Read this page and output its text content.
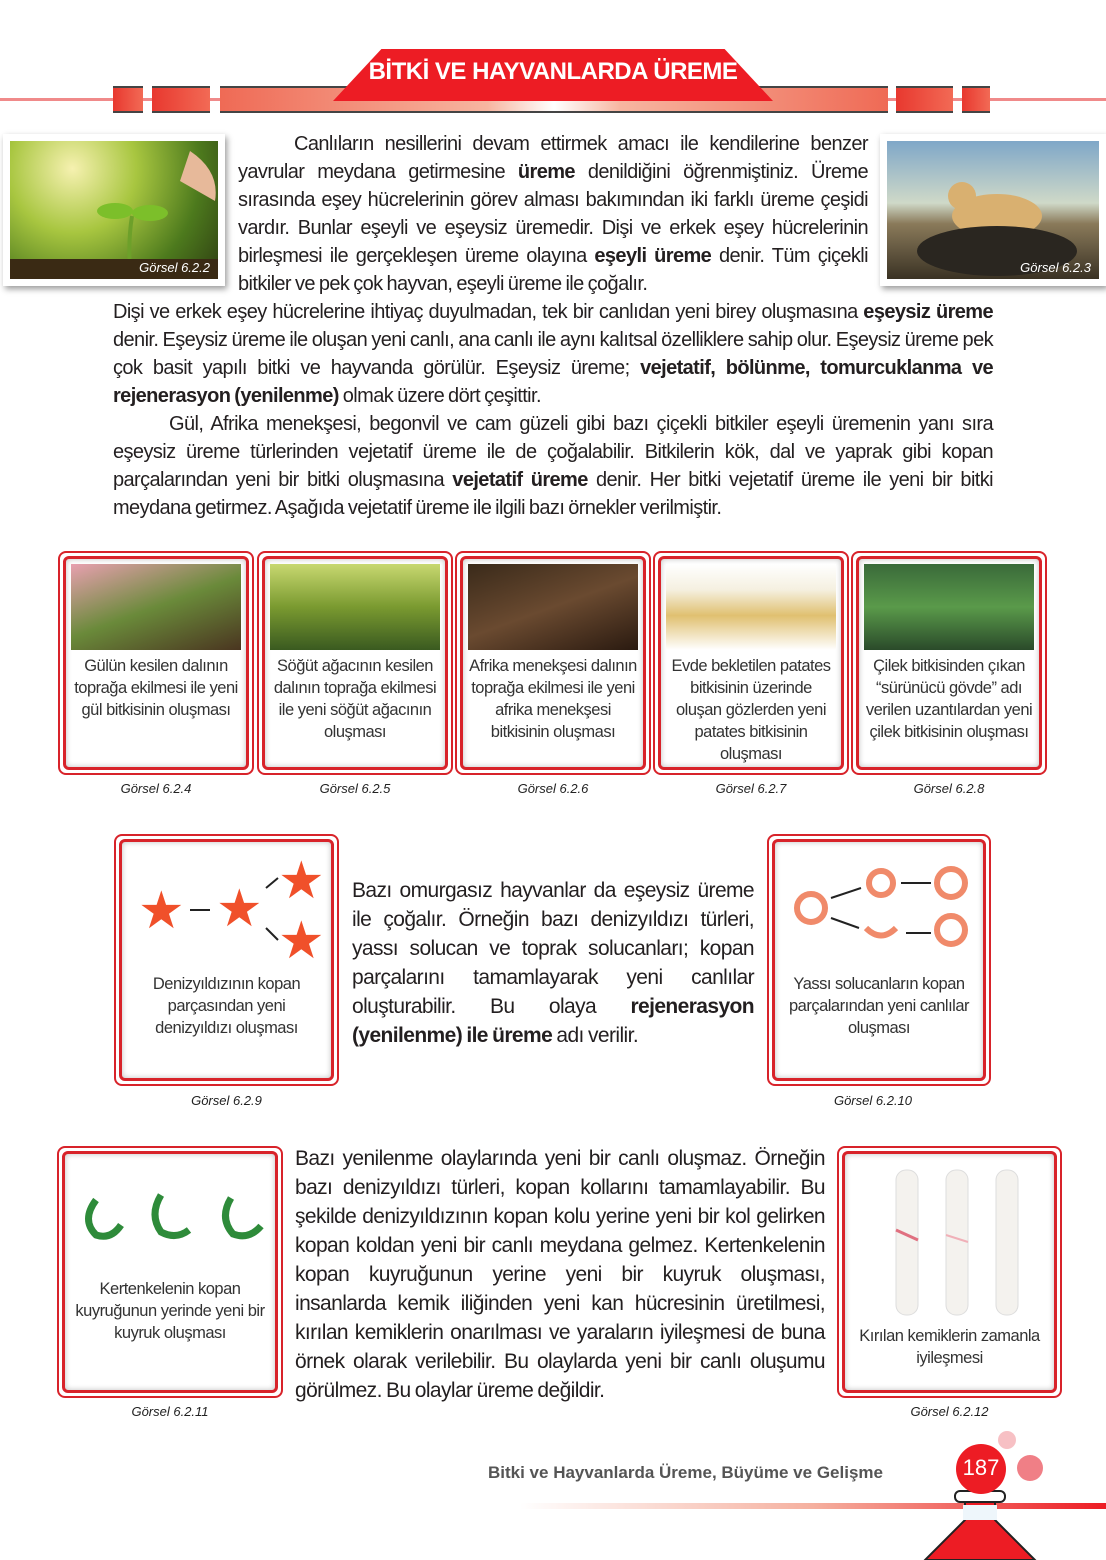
BİTKİ VE HAYVANLARDA ÜREME
Görsel 6.2.2	Görsel 6.2.3
Canlıların nesillerini devam ettirmek amacı ile kendilerine benzer yavrular meydana getirmesine üreme denildiğini öğrenmiştiniz. Üreme sırasında eşey hücrelerinin görev alması bakımından iki farklı üreme çeşidi vardır. Bunlar eşeyli ve eşeysiz üremedir. Dişi ve erkek eşey hücrelerinin birleşmesi ile gerçekleşen üreme olayına eşeyli üreme denir. Tüm çiçekli bitkiler ve pek çok hayvan, eşeyli üreme ile çoğalır.
Dişi ve erkek eşey hücrelerine ihtiyaç duyulmadan, tek bir canlıdan yeni birey oluşmasına eşeysiz üreme denir. Eşeysiz üreme ile oluşan yeni canlı, ana canlı ile aynı kalıtsal özelliklere sahip olur. Eşeysiz üreme pek çok basit yapılı bitki ve hayvanda görülür. Eşeysiz üreme; vejetatif, bölünme, tomurcuklanma ve rejenerasyon (yenilenme) olmak üzere dört çeşittir.
Gül, Afrika menekşesi, begonvil ve cam güzeli gibi bazı çiçekli bitkiler eşeyli üremenin yanı sıra eşeysiz üreme türlerinden vejetatif üreme ile de çoğalabilir. Bitkilerin kök, dal ve yaprak gibi kopan parçalarından yeni bir bitki oluşmasına vejetatif üreme denir. Her bitki vejetatif üreme ile yeni bir bitki meydana getirmez. Aşağıda vejetatif üreme ile ilgili bazı örnekler verilmiştir.
Gülün kesilen dalının toprağa ekilmesi ile yeni gül bitkisinin oluşması
Görsel 6.2.4
Söğüt ağacının kesilen dalının toprağa ekilmesi ile yeni söğüt ağacının oluşması
Görsel 6.2.5
Afrika menekşesi dalının toprağa ekilmesi ile yeni afrika menekşesi bitkisinin oluşması
Görsel 6.2.6
Evde bekletilen patates bitkisinin üzerinde oluşan gözlerden yeni patates bitkisinin oluşması
Görsel 6.2.7
Çilek bitkisinden çıkan “sürünücü gövde” adı verilen uzantılardan yeni çilek bitkisinin oluşması
Görsel 6.2.8
★ ★ ★
★
Denizyıldızının kopan parçasından yeni denizyıldızı oluşması
Görsel 6.2.9
Bazı omurgasız hayvanlar da eşeysiz üreme ile çoğalır. Örneğin bazı denizyıldızı türleri, yassı solucan ve toprak solucanları; kopan parçalarını tamamlayarak yeni canlılar oluşturabilir. Bu olaya rejenerasyon (yenilenme) ile üreme adı verilir.
Yassı solucanların kopan parçalarından yeni canlılar oluşması
Görsel 6.2.10
Kertenkelenin kopan kuyruğunun yerinde yeni bir kuyruk oluşması
Görsel 6.2.11
Bazı yenilenme olaylarında yeni bir canlı oluşmaz. Örneğin bazı denizyıldızı türleri, kopan kollarını tamamlayabilir. Bu şekilde denizyıldızının kopan kolu yerine yeni bir kol gelirken kopan koldan yeni bir canlı meydana gelmez. Kertenkelenin kopan kuyruğunun yerine yeni bir kuyruk oluşması, insanlarda kemik iliğinden yeni kan hücresinin üretilmesi, kırılan kemiklerin onarılması ve yaraların iyileşmesi de buna örnek olarak verilebilir. Bu olaylarda yeni bir canlı oluşumu görülmez. Bu olaylar üreme değildir.
Kırılan kemiklerin zamanla iyileşmesi
Görsel 6.2.12
Bitki ve Hayvanlarda Üreme, Büyüme ve Gelişme	187
